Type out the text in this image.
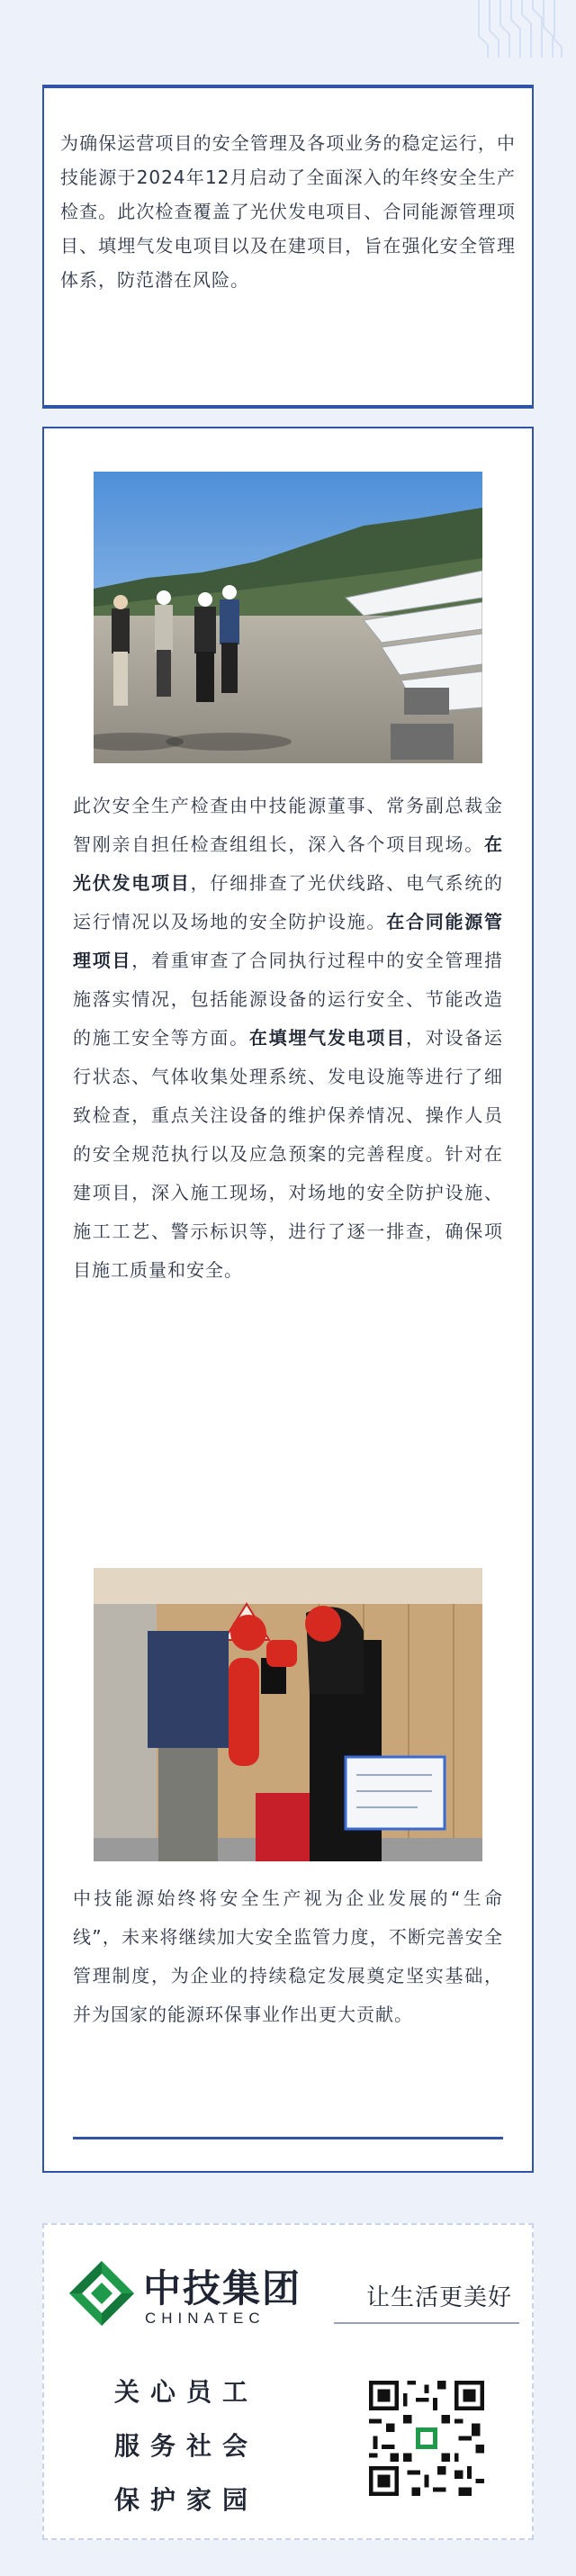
为确保运营项目的安全管理及各项业务的稳定运行，中技能源于2024年12月启动了全面深入的年终安全生产检查。此次检查覆盖了光伏发电项目、合同能源管理项目、填埋气发电项目以及在建项目，旨在强化安全管理体系，防范潜在风险。
此次安全生产检查由中技能源董事、常务副总裁金智刚亲自担任检查组组长，深入各个项目现场。在光伏发电项目，仔细排查了光伏线路、电气系统的运行情况以及场地的安全防护设施。在合同能源管理项目，着重审查了合同执行过程中的安全管理措施落实情况，包括能源设备的运行安全、节能改造的施工安全等方面。在填埋气发电项目，对设备运行状态、气体收集处理系统、发电设施等进行了细致检查，重点关注设备的维护保养情况、操作人员的安全规范执行以及应急预案的完善程度。针对在建项目，深入施工现场，对场地的安全防护设施、施工工艺、警示标识等，进行了逐一排查，确保项目施工质量和安全。
中技能源始终将安全生产视为企业发展的“生命线”，未来将继续加大安全监管力度，不断完善安全管理制度，为企业的持续稳定发展奠定坚实基础，并为国家的能源环保事业作出更大贡献。
中技集团
CHINATEC
让生活更美好
关心员工
服务社会
保护家园
